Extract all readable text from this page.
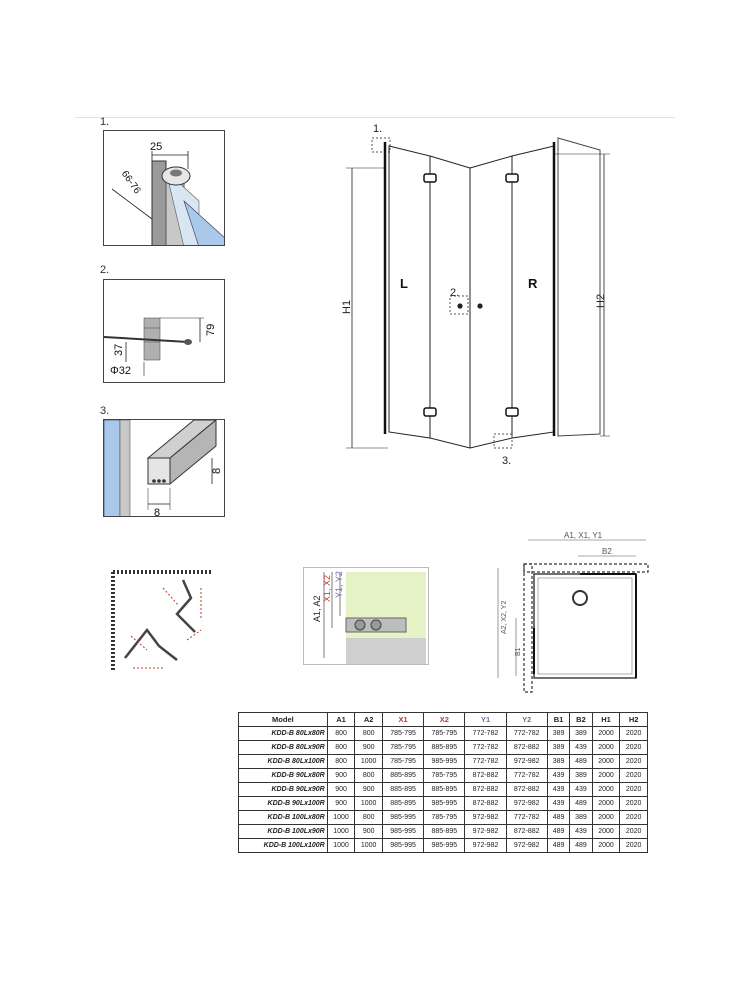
1.
25
66-76
2.
79
37
Φ32
3.
8
8
1.
2.
3.
L	R
H1	H2
A1, A2
X1, X2 Y1, Y2
A1, X1, Y1
B2
A2, X2, Y2
B1
Model	A1	A2	X1	X2	Y1	Y2	B1	B2	H1	H2
KDD-B 80Lx80R	800	800	785-795	785-795	772-782	772-782	389	389	2000	2020
KDD-B 80Lx90R	800	900	785-795	885-895	772-782	872-882	389	439	2000	2020
KDD-B 80Lx100R	800	1000	785-795	985-995	772-782	972-982	389	489	2000	2020
KDD-B 90Lx80R	900	800	885-895	785-795	872-882	772-782	439	389	2000	2020
KDD-B 90Lx90R	900	900	885-895	885-895	872-882	872-882	439	439	2000	2020
KDD-B 90Lx100R	900	1000	885-895	985-995	872-882	972-982	439	489	2000	2020
KDD-B 100Lx80R	1000	800	985-995	785-795	972-982	772-782	489	389	2000	2020
KDD-B 100Lx90R	1000	900	985-995	885-895	972-982	872-882	489	439	2000	2020
KDD-B 100Lx100R	1000	1000	985-995	985-995	972-982	972-982	489	489	2000	2020
